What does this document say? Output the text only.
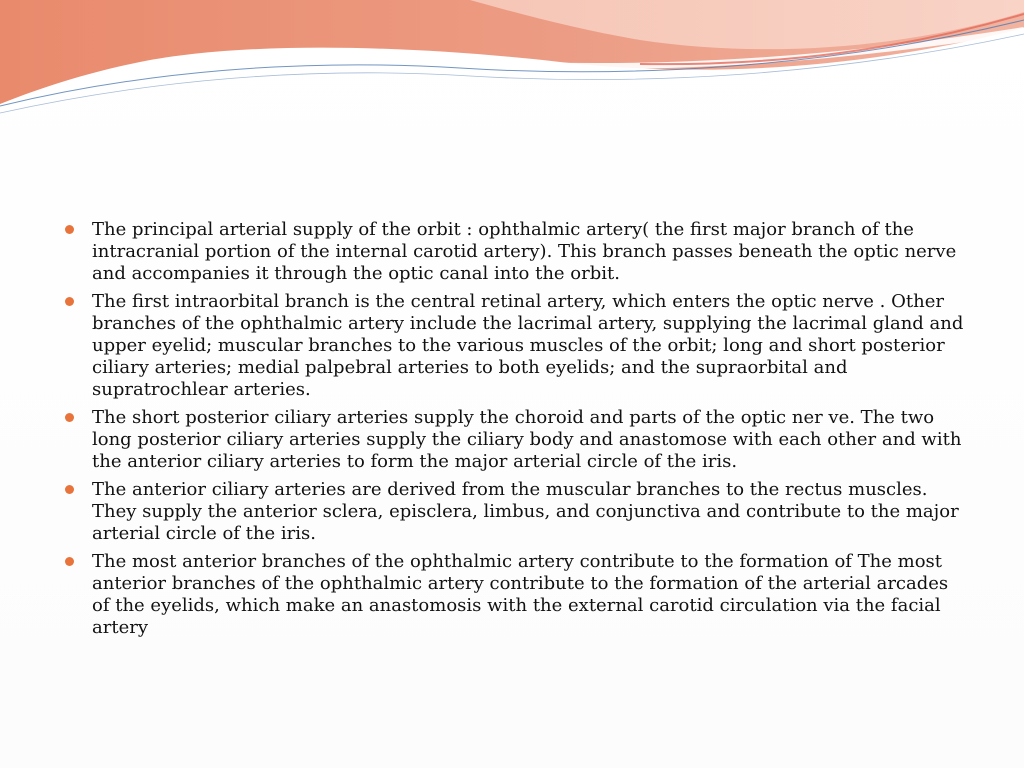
The principal arterial supply of the orbit : ophthalmic artery( the first major branch of the intracranial portion of the internal carotid artery). This branch passes beneath the optic nerve and accompanies it through the optic canal into the orbit.
The first intraorbital branch is the central retinal artery, which enters the optic nerve . Other branches of the ophthalmic artery include the lacrimal artery, supplying the lacrimal gland and upper eyelid; muscular branches to the various muscles of the orbit; long and short posterior ciliary arteries; medial palpebral arteries to both eyelids; and the supraorbital and supratrochlear arteries.
The short posterior ciliary arteries supply the choroid and parts of the optic ner ve. The two long posterior ciliary arteries supply the ciliary body and anastomose with each other and with the anterior ciliary arteries to form the major arterial circle of the iris.
The anterior ciliary arteries are derived from the muscular branches to the rectus muscles. They supply the anterior sclera, episclera, limbus, and conjunctiva and contribute to the major arterial circle of the iris.
The most anterior branches of the ophthalmic artery contribute to the formation of The most anterior branches of the ophthalmic artery contribute to the formation of the arterial arcades of the eyelids, which make an anastomosis with the external carotid circulation via the facial artery
